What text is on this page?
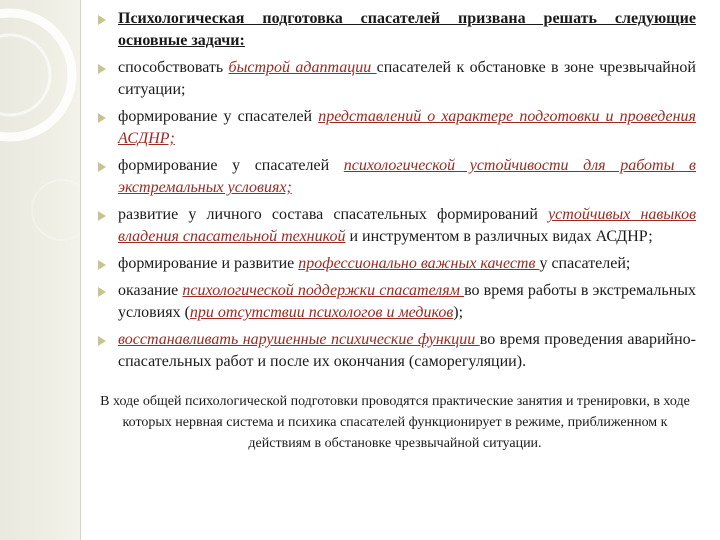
Психологическая подготовка спасателей призвана решать следующие основные задачи:
способствовать быстрой адаптации спасателей к обстановке в зоне чрезвычайной ситуации;
формирование у спасателей представлений о характере подготовки и проведения АСДНР;
формирование у спасателей психологической устойчивости для работы в экстремальных условиях;
развитие у личного состава спасательных формирований устойчивых навыков владения спасательной техникой и инструментом в различных видах АСДНР;
формирование и развитие профессионально важных качеств у спасателей;
оказание психологической поддержки спасателям во время работы в экстремальных условиях (при отсутствии психологов и медиков);
восстанавливать нарушенные психические функции во время проведения аварийно- спасательных работ и после их окончания (саморегуляции).

В ходе общей психологической подготовки проводятся практические занятия и тренировки, в ходе которых нервная система и психика спасателей функционирует в режиме, приближенном к действиям в обстановке чрезвычайной ситуации.
